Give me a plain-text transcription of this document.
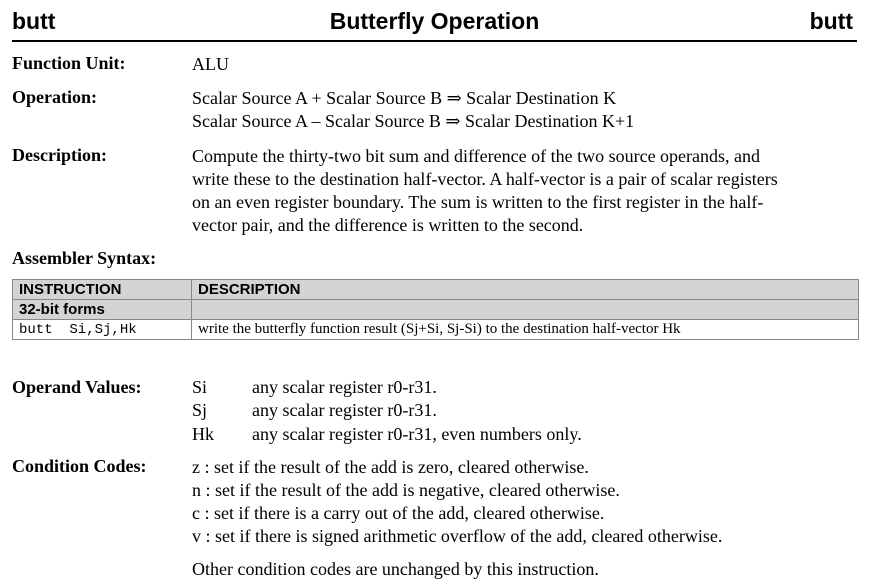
butt	Butterfly Operation	butt
Function Unit:	ALU
Operation:	Scalar Source A + Scalar Source B ⇒ Scalar Destination K
Scalar Source A – Scalar Source B ⇒ Scalar Destination K+1
Description:	Compute the thirty-two bit sum and difference of the two source operands, and
write these to the destination half-vector. A half-vector is a pair of scalar registers
on an even register boundary. The sum is written to the first register in the half-
vector pair, and the difference is written to the second.
Assembler Syntax:
INSTRUCTION	DESCRIPTION
32-bit forms	
butt  Si,Sj,Hk	write the butterfly function result (Sj+Si, Sj-Si) to the destination half-vector Hk
Operand Values:	Si any scalar register r0-r31.
Sj any scalar register r0-r31.
Hk any scalar register r0-r31, even numbers only.
Condition Codes:	z : set if the result of the add is zero, cleared otherwise.
n : set if the result of the add is negative, cleared otherwise.
c : set if there is a carry out of the add, cleared otherwise.
v : set if there is signed arithmetic overflow of the add, cleared otherwise.
Other condition codes are unchanged by this instruction.
